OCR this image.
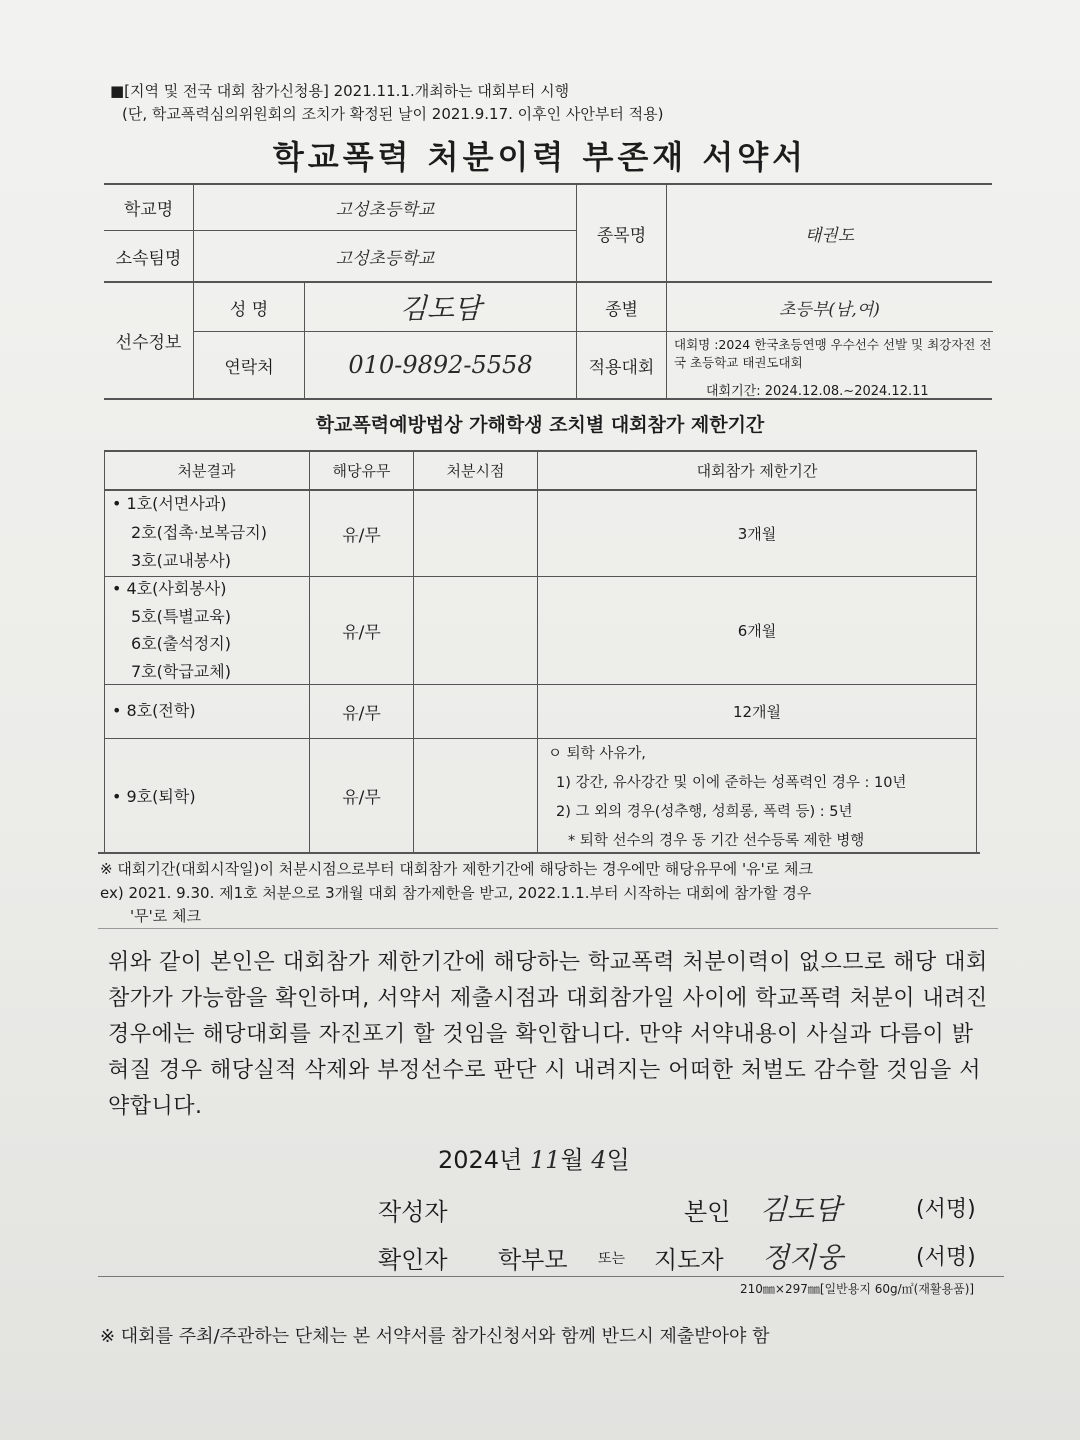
■[지역 및 전국 대회 참가신청용] 2021.11.1.개최하는 대회부터 시행
(단, 학교폭력심의위원회의 조치가 확정된 날이 2021.9.17. 이후인 사안부터 적용)
학교폭력 처분이력 부존재 서약서
학교명	고성초등학교
소속팀명	고성초등학교
종목명	태권도
선수정보
성 명	김도담
연락처	010-9892-5558
종별	초등부(남,여)
적용대회
대회명 :2024 한국초등연맹 우수선수 선발 및 최강자전 전국 초등학교 태권도대회
대회기간: 2024.12.08.~2024.12.11
학교폭력예방법상 가해학생 조치별 대회참가 제한기간
처분결과	해당유무	처분시점	대회참가 제한기간
• 1호(서면사과)
2호(접촉·보복금지)
3호(교내봉사)
유/무	3개월
• 4호(사회봉사)
5호(특별교육)
6호(출석정지)
7호(학급교체)
유/무	6개월
• 8호(전학)	유/무	12개월
• 9호(퇴학)	유/무
ㅇ 퇴학 사유가,
1) 강간, 유사강간 및 이에 준하는 성폭력인 경우 : 10년
2) 그 외의 경우(성추행, 성희롱, 폭력 등) : 5년
* 퇴학 선수의 경우 동 기간 선수등록 제한 병행
※ 대회기간(대회시작일)이 처분시점으로부터 대회참가 제한기간에 해당하는 경우에만 해당유무에 '유'로 체크
ex) 2021. 9.30. 제1호 처분으로 3개월 대회 참가제한을 받고, 2022.1.1.부터 시작하는 대회에 참가할 경우
'무'로 체크
위와 같이 본인은 대회참가 제한기간에 해당하는 학교폭력 처분이력이 없으므로 해당 대회 참가가 가능함을 확인하며, 서약서 제출시점과 대회참가일 사이에 학교폭력 처분이 내려진 경우에는 해당대회를 자진포기 할 것임을 확인합니다. 만약 서약내용이 사실과 다름이 밝혀질 경우 해당실적 삭제와 부정선수로 판단 시 내려지는 어떠한 처벌도 감수할 것임을 서약합니다.
2024년 11월 4일
작성자	본인 김도담	(서명)
확인자 학부모 또는 지도자 정지웅	(서명)
210㎜×297㎜[일반용지 60g/㎡(재활용품)]
※ 대회를 주최/주관하는 단체는 본 서약서를 참가신청서와 함께 반드시 제출받아야 함
